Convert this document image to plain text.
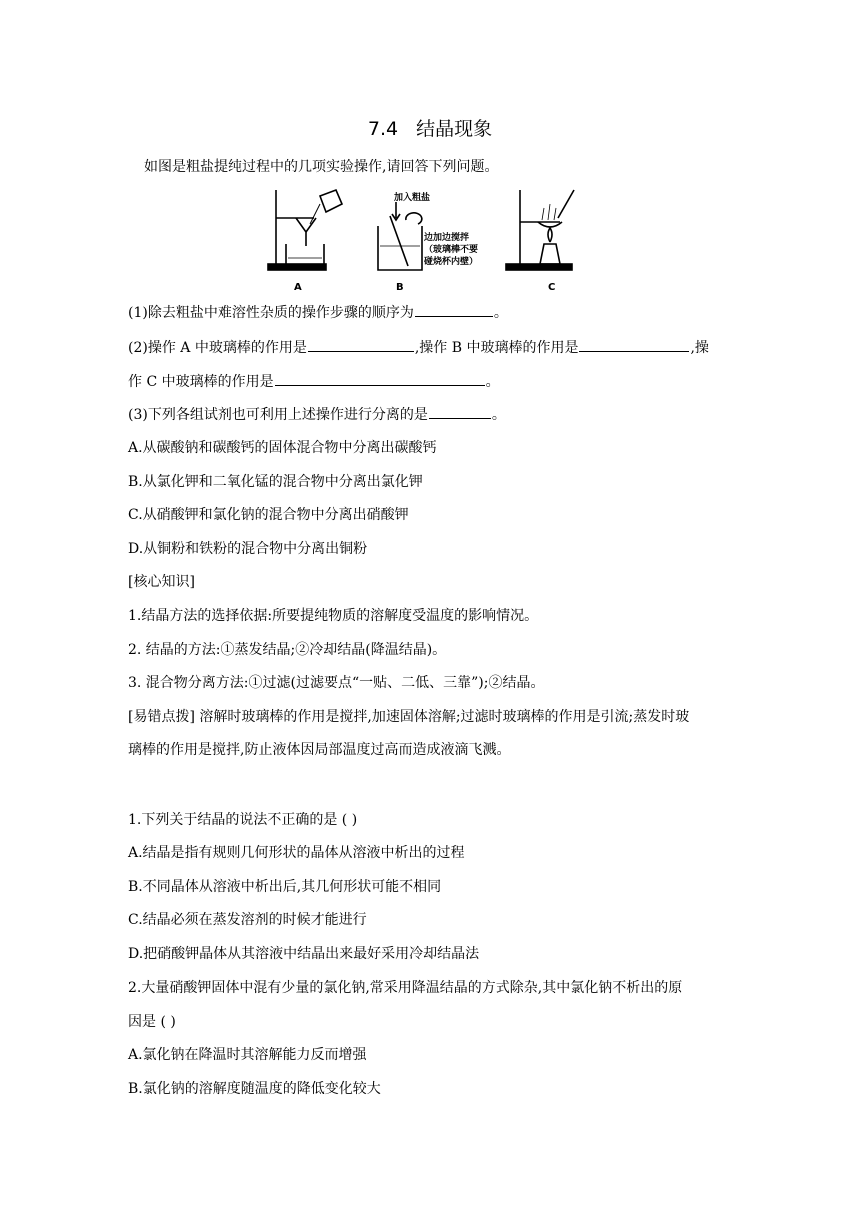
7.4 结晶现象
如图是粗盐提纯过程中的几项实验操作,请回答下列问题。
加入粗盐
边加边搅拌
（玻璃棒不要
碰烧杯内壁）
A	B	C
(1)除去粗盐中难溶性杂质的操作步骤的顺序为	。
(2)操作 A 中玻璃棒的作用是	,操作 B 中玻璃棒的作用是	,操
作 C 中玻璃棒的作用是	。
(3)下列各组试剂也可利用上述操作进行分离的是	。
A.从碳酸钠和碳酸钙的固体混合物中分离出碳酸钙
B.从氯化钾和二氧化锰的混合物中分离出氯化钾
C.从硝酸钾和氯化钠的混合物中分离出硝酸钾
D.从铜粉和铁粉的混合物中分离出铜粉
[核心知识]
1.结晶方法的选择依据:所要提纯物质的溶解度受温度的影响情况。
2. 结晶的方法:①蒸发结晶;②冷却结晶(降温结晶)。
3. 混合物分离方法:①过滤(过滤要点“一贴、二低、三靠”);②结晶。
[易错点拨] 溶解时玻璃棒的作用是搅拌,加速固体溶解;过滤时玻璃棒的作用是引流;蒸发时玻
璃棒的作用是搅拌,防止液体因局部温度过高而造成液滴飞溅。
1.下列关于结晶的说法不正确的是 ( )
A.结晶是指有规则几何形状的晶体从溶液中析出的过程
B.不同晶体从溶液中析出后,其几何形状可能不相同
C.结晶必须在蒸发溶剂的时候才能进行
D.把硝酸钾晶体从其溶液中结晶出来最好采用冷却结晶法
2.大量硝酸钾固体中混有少量的氯化钠,常采用降温结晶的方式除杂,其中氯化钠不析出的原
因是 ( )
A.氯化钠在降温时其溶解能力反而增强
B.氯化钠的溶解度随温度的降低变化较大
